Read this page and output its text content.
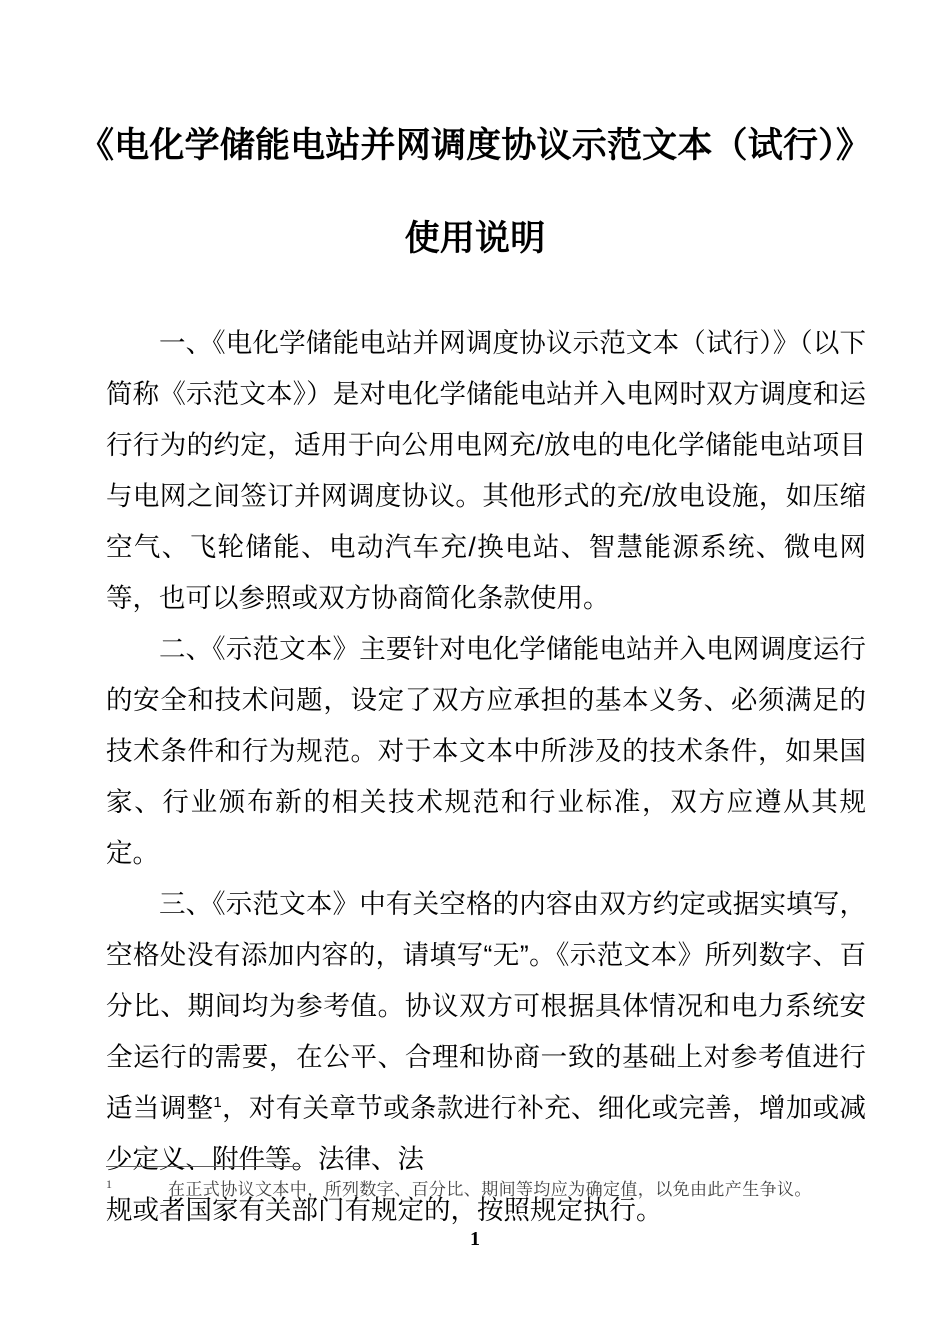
《电化学储能电站并网调度协议示范文本（试行）》
使用说明

一、《电化学储能电站并网调度协议示范文本（试行）》（以下简称《示范文本》）是对电化学储能电站并入电网时双方调度和运行行为的约定，适用于向公用电网充/放电的电化学储能电站项目与电网之间签订并网调度协议。其他形式的充/放电设施，如压缩空气、飞轮储能、电动汽车充/换电站、智慧能源系统、微电网等，也可以参照或双方协商简化条款使用。

二、《示范文本》主要针对电化学储能电站并入电网调度运行的安全和技术问题，设定了双方应承担的基本义务、必须满足的技术条件和行为规范。对于本文本中所涉及的技术条件，如果国家、行业颁布新的相关技术规范和行业标准，双方应遵从其规定。

三、《示范文本》中有关空格的内容由双方约定或据实填写，空格处没有添加内容的，请填写“无”。《示范文本》所列数字、百分比、期间均为参考值。协议双方可根据具体情况和电力系统安全运行的需要，在公平、合理和协商一致的基础上对参考值进行适当调整$^1$，对有关章节或条款进行补充、细化或完善，增加或减少定义、附件等。法律、法

规或者国家有关部门有规定的，按照规定执行。

1	在正式协议文本中，所列数字、百分比、期间等均应为确定值，以免由此产生争议。
1
